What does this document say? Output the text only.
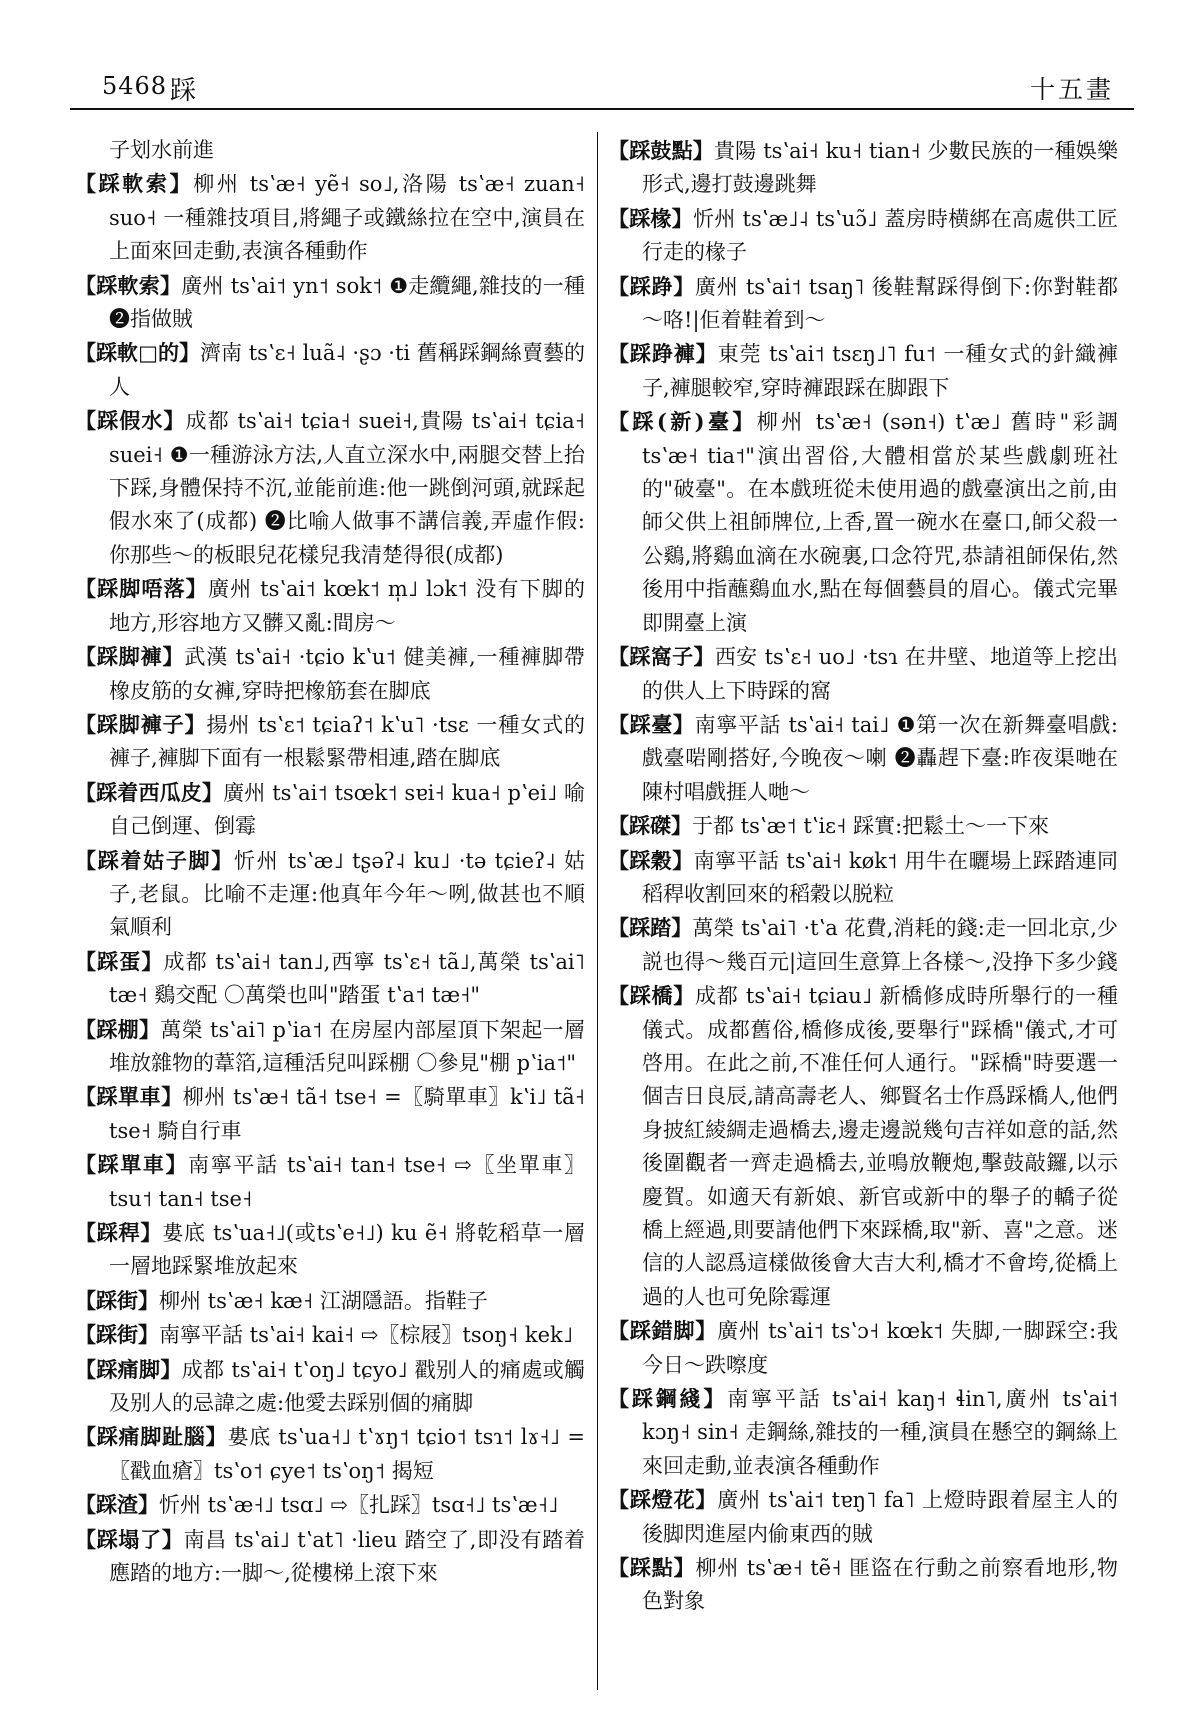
5468 踩	十五畫
子划水前進
【踩軟索】柳州 tsʽæ˧ yẽ˧ so˩,洛陽 tsʽæ˧ zuan˧ suo˧ 一種雜技項目,將繩子或鐵絲拉在空中,演員在上面來回走動,表演各種動作
【踩軟索】廣州 tsʽai˦ yn˦ sok˦ ❶走纜繩,雜技的一種 ❷指做賊
【踩軟□的】濟南 tsʽɛ˧ luã˨ ·ʂɔ ·ti 舊稱踩鋼絲賣藝的人
【踩假水】成都 tsʽai˧ tɕia˧ suei˧,貴陽 tsʽai˧ tɕia˧ suei˧ ❶一種游泳方法,人直立深水中,兩腿交替上抬下踩,身體保持不沉,並能前進:他一跳倒河頭,就踩起假水來了(成都) ❷比喻人做事不講信義,弄虛作假:你那些～的板眼兒花樣兒我清楚得很(成都)
【踩脚唔落】廣州 tsʽai˦ kœk˦ m̩˩ lɔk˦ 没有下脚的地方,形容地方又髒又亂:間房～
【踩脚褲】武漢 tsʽai˧ ·tɕio kʽu˦ 健美褲,一種褲脚帶橡皮筋的女褲,穿時把橡筋套在脚底
【踩脚褲子】揚州 tsʽɛ˦ tɕiaʔ˦ kʽu˥ ·tsɛ 一種女式的褲子,褲脚下面有一根鬆緊帶相連,踏在脚底
【踩着西瓜皮】廣州 tsʽai˦ tsœk˦ sɐi˧ kua˧ pʽei˩ 喻自己倒運、倒霉
【踩着姑子脚】忻州 tsʽæ˩ tʂəʔ˨ ku˩ ·tə tɕieʔ˨ 姑子,老鼠。比喻不走運:他真年今年～咧,做甚也不順氣順利
【踩蛋】成都 tsʽai˧ tan˩,西寧 tsʽɛ˧ tã˩,萬榮 tsʽai˥ tæ˧ 鷄交配 〇萬榮也叫"踏蛋 tʽa˦ tæ˧"
【踩棚】萬榮 tsʽai˥ pʽia˦ 在房屋内部屋頂下架起一層堆放雜物的葦箔,這種活兒叫踩棚 〇參見"棚 pʽia˦"
【踩單車】柳州 tsʽæ˧ tã˧ tse˧ =〖騎單車〗kʽi˩ tã˧ tse˧ 騎自行車
【踩單車】南寧平話 tsʽai˧ tan˧ tse˧ ⇨〖坐單車〗tsu˦ tan˧ tse˧
【踩稈】婁底 tsʽua˧˩(或tsʽe˧˩) ku ẽ˧ 將乾稻草一層一層地踩緊堆放起來
【踩街】柳州 tsʽæ˧ kæ˧ 江湖隱語。指鞋子
【踩街】南寧平話 tsʽai˧ kai˧ ⇨〖棕屐〗tsoŋ˧ kek˩
【踩痛脚】成都 tsʽai˧ tʽoŋ˩ tɕyo˩ 戳别人的痛處或觸及别人的忌諱之處:他愛去踩别個的痛脚
【踩痛脚趾腦】婁底 tsʽua˧˩ tʽɤŋ˦ tɕio˦ tsɿ˦ lɤ˧˩ =〖戳血瘡〗tsʽo˦ ɕye˦ tsʽoŋ˦ 揭短
【踩渣】忻州 tsʽæ˧˩ tsɑ˩ ⇨〖扎踩〗tsɑ˧˩ tsʽæ˧˩
【踩塌了】南昌 tsʽai˩ tʽat˥ ·lieu 踏空了,即没有踏着應踏的地方:一脚～,從樓梯上滾下來
【踩鼓點】貴陽 tsʽai˧ ku˧ tian˧ 少數民族的一種娛樂形式,邊打鼓邊跳舞
【踩椽】忻州 tsʽæ˩˨ tsʽuɔ̃˩ 蓋房時横綁在高處供工匠行走的椽子
【踩踭】廣州 tsʽai˦ tsaŋ˥ 後鞋幫踩得倒下:你對鞋都～咯!|佢着鞋着到～
【踩踭褲】東莞 tsʽai˦ tsɛŋ˩˥ fu˦ 一種女式的針織褲子,褲腿較窄,穿時褲跟踩在脚跟下
【踩(新)臺】柳州 tsʽæ˧ (sən˧) tʽæ˩ 舊時"彩調 tsʽæ˧ tia˦"演出習俗,大體相當於某些戲劇班社的"破臺"。在本戲班從未使用過的戲臺演出之前,由師父供上祖師牌位,上香,置一碗水在臺口,師父殺一公鷄,將鷄血滴在水碗裏,口念符咒,恭請祖師保佑,然後用中指蘸鷄血水,點在每個藝員的眉心。儀式完畢即開臺上演
【踩窩子】西安 tsʽɛ˧ uo˩ ·tsɿ 在井壁、地道等上挖出的供人上下時踩的窩
【踩臺】南寧平話 tsʽai˧ tai˩ ❶第一次在新舞臺唱戲:戲臺啱剛搭好,今晚夜～喇 ❷轟趕下臺:昨夜渠哋在陳村唱戲捱人哋～
【踩磔】于都 tsʽæ˦ tʽiɛ˧ 踩實:把鬆土～一下來
【踩穀】南寧平話 tsʽai˧ køk˦ 用牛在曬場上踩踏連同稻稈收割回來的稻穀以脱粒
【踩踏】萬榮 tsʽai˥ ·tʽa 花費,消耗的錢:走一回北京,少説也得～幾百元|這回生意算上各樣～,没挣下多少錢
【踩橋】成都 tsʽai˧ tɕiau˩ 新橋修成時所舉行的一種儀式。成都舊俗,橋修成後,要舉行"踩橋"儀式,才可啓用。在此之前,不准任何人通行。"踩橋"時要選一個吉日良辰,請高壽老人、鄉賢名士作爲踩橋人,他們身披紅綾綢走過橋去,邊走邊説幾句吉祥如意的話,然後圍觀者一齊走過橋去,並鳴放鞭炮,擊鼓敲鑼,以示慶賀。如適天有新娘、新官或新中的舉子的轎子從橋上經過,則要請他們下來踩橋,取"新、喜"之意。迷信的人認爲這樣做後會大吉大利,橋才不會垮,從橋上過的人也可免除霉運
【踩錯脚】廣州 tsʽai˦ tsʽɔ˧ kœk˦ 失脚,一脚踩空:我今日～跌嚓度
【踩鋼綫】南寧平話 tsʽai˧ kaŋ˧ ɬin˥,廣州 tsʽai˦ kɔŋ˧ sin˧ 走鋼絲,雜技的一種,演員在懸空的鋼絲上來回走動,並表演各種動作
【踩燈花】廣州 tsʽai˦ tɐŋ˥ fa˥ 上燈時跟着屋主人的後脚閃進屋内偷東西的賊
【踩點】柳州 tsʽæ˧ tẽ˧ 匪盜在行動之前察看地形,物色對象
